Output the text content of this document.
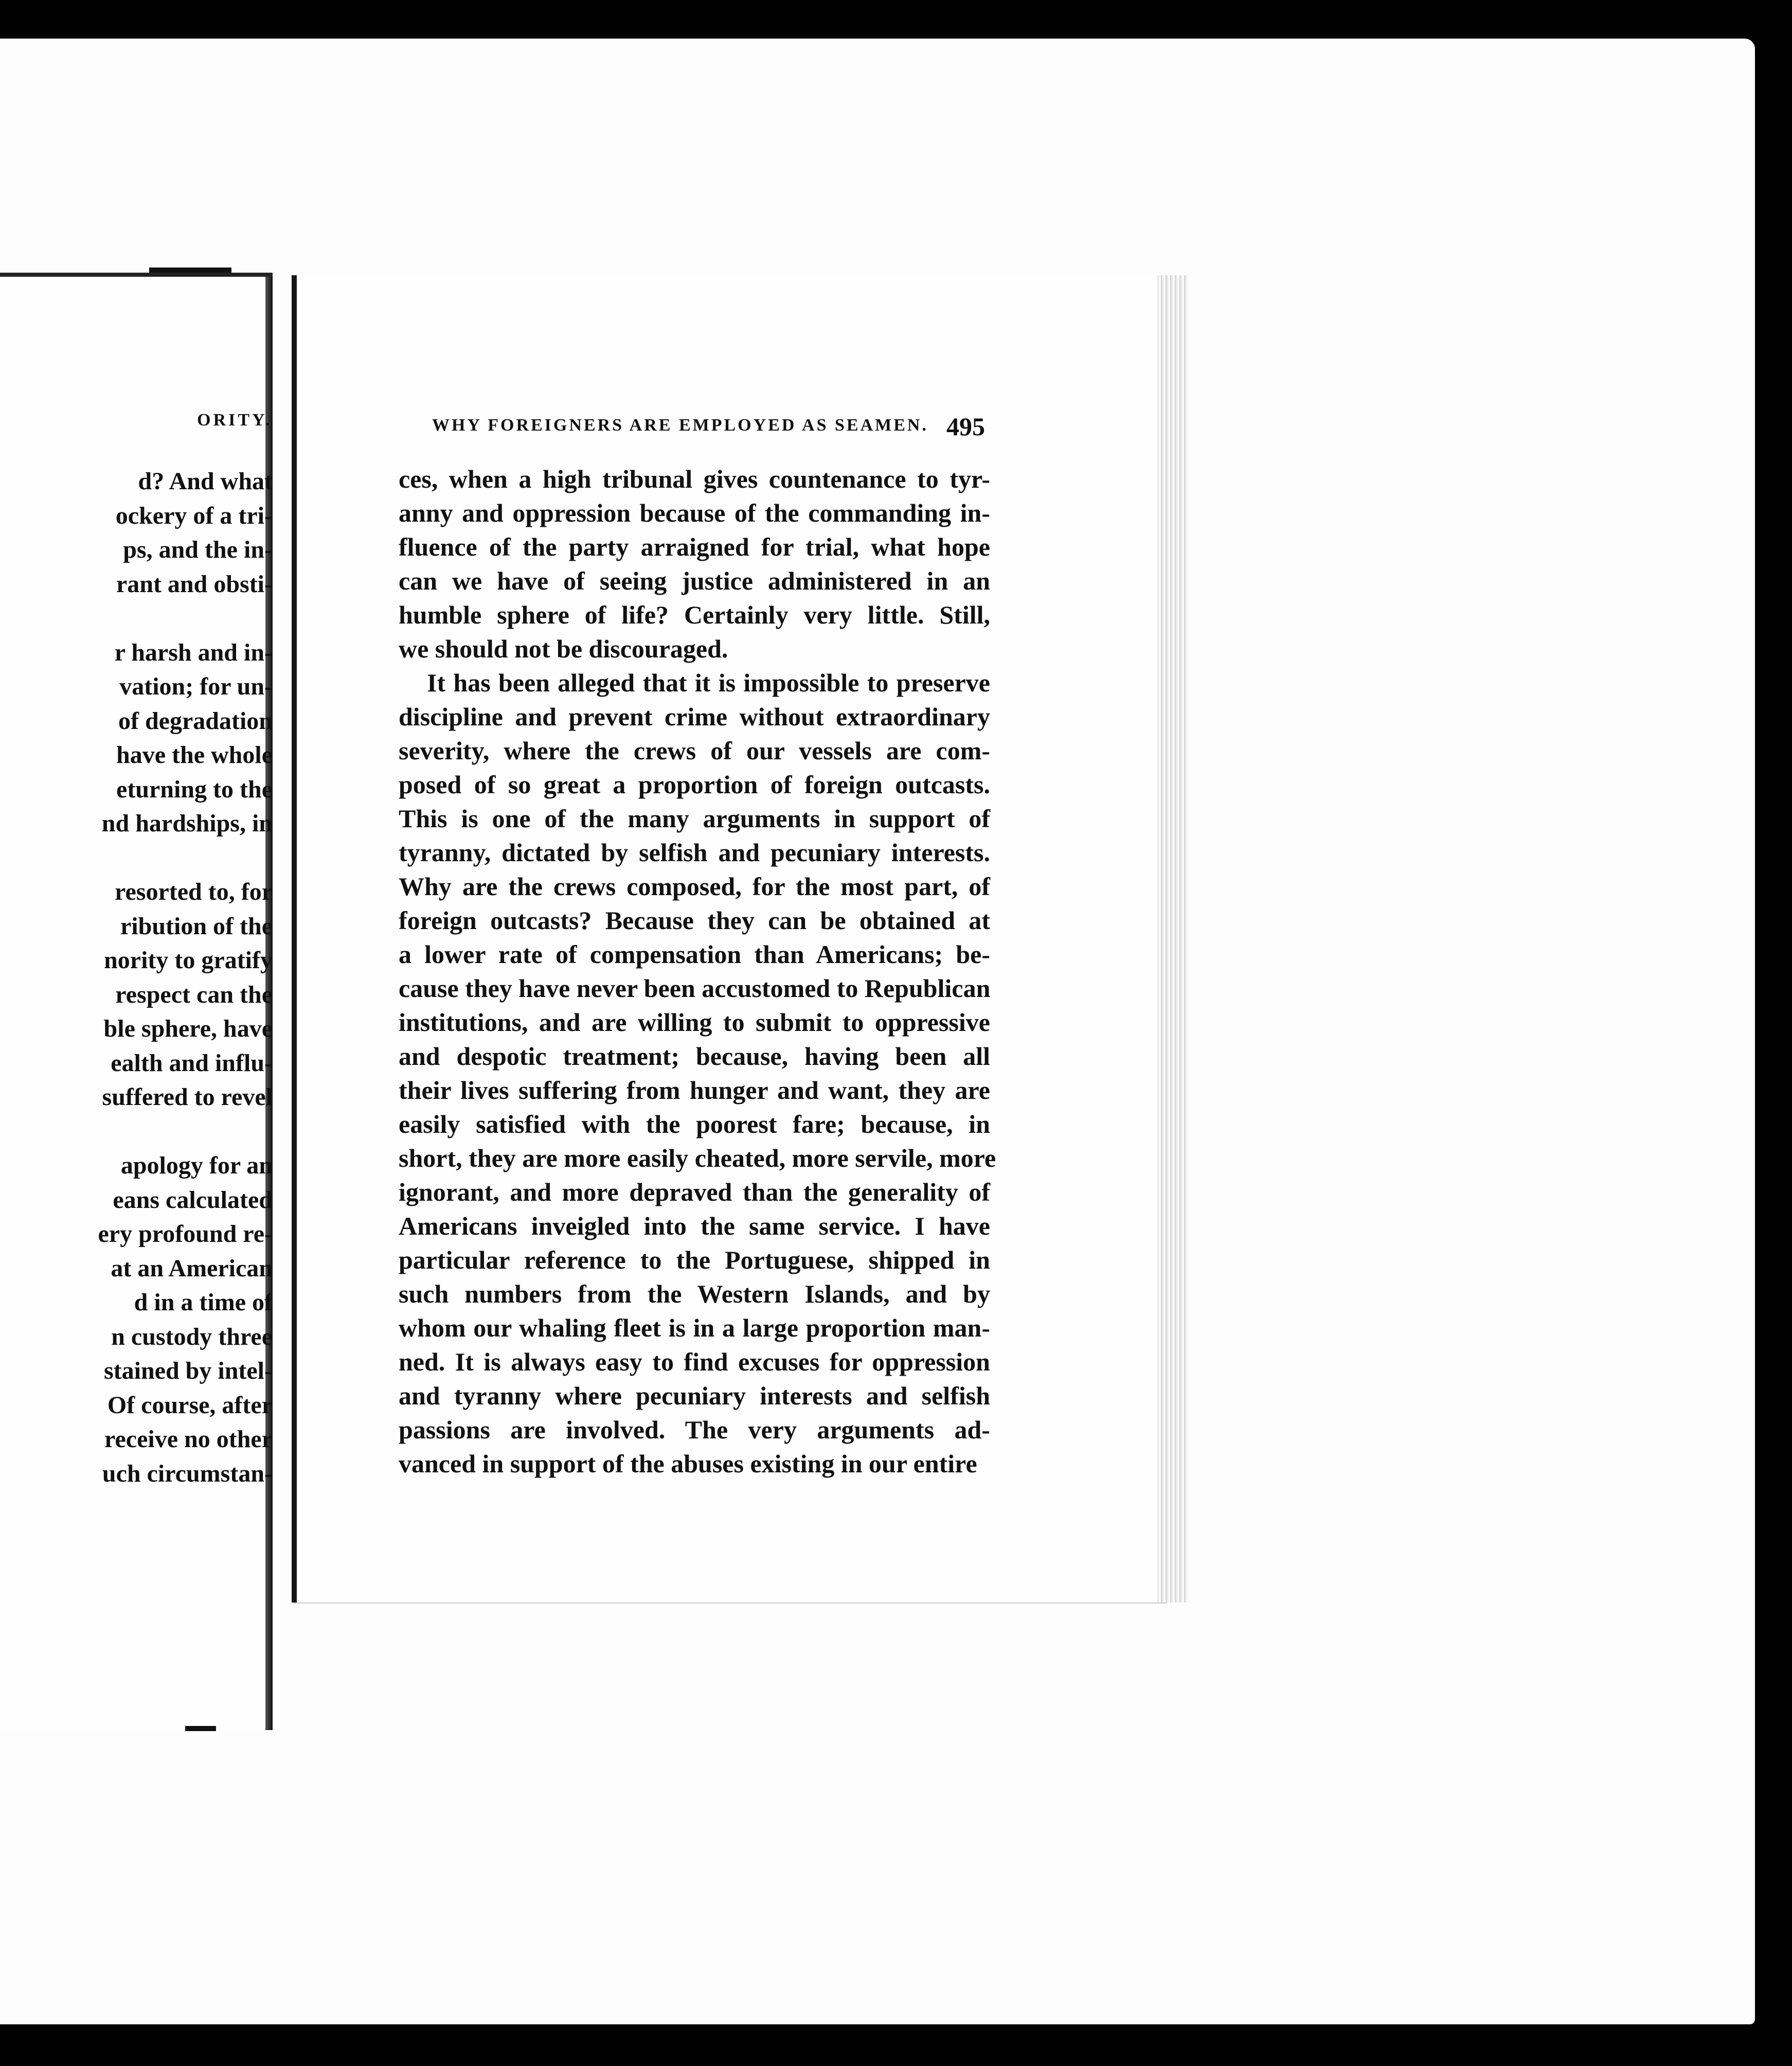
ORITY.
d? And what
ockery of a tri-
ps, and the in-
rant and obsti-
r harsh and in-
vation; for un-
of degradation
have the whole
eturning to the
nd hardships, in
resorted to, for
ribution of the
nority to gratify
respect can the
ble sphere, have
ealth and influ-
suffered to revel
apology for an
eans calculated
ery profound re-
at an American
d in a time of
n custody three
stained by intel-
Of course, after
receive no other
uch circumstan-
WHY FOREIGNERS ARE EMPLOYED AS SEAMEN. 495
ces, when a high tribunal gives countenance to tyr-
anny and oppression because of the commanding in-
fluence of the party arraigned for trial, what hope
can we have of seeing justice administered in an
humble sphere of life? Certainly very little. Still,
we should not be discouraged.
It has been alleged that it is impossible to preserve
discipline and prevent crime without extraordinary
severity, where the crews of our vessels are com-
posed of so great a proportion of foreign outcasts.
This is one of the many arguments in support of
tyranny, dictated by selfish and pecuniary interests.
Why are the crews composed, for the most part, of
foreign outcasts? Because they can be obtained at
a lower rate of compensation than Americans; be-
cause they have never been accustomed to Republican
institutions, and are willing to submit to oppressive
and despotic treatment; because, having been all
their lives suffering from hunger and want, they are
easily satisfied with the poorest fare; because, in
short, they are more easily cheated, more servile, more
ignorant, and more depraved than the generality of
Americans inveigled into the same service. I have
particular reference to the Portuguese, shipped in
such numbers from the Western Islands, and by
whom our whaling fleet is in a large proportion man-
ned. It is always easy to find excuses for oppression
and tyranny where pecuniary interests and selfish
passions are involved. The very arguments ad-
vanced in support of the abuses existing in our entire
